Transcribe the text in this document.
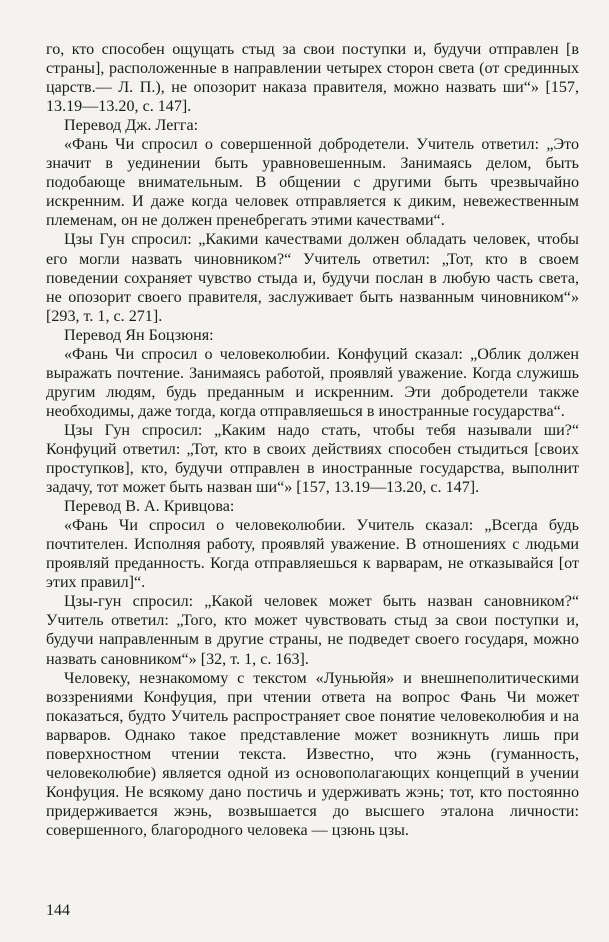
го, кто способен ощущать стыд за свои поступки и, будучи отправлен [в страны], расположенные в направлении четырех сторон света (от срединных царств.— Л. П.), не опозорит наказа правителя, можно назвать ши“» [157, 13.19—13.20, с. 147].

Перевод Дж. Легга:

«Фань Чи спросил о совершенной добродетели. Учитель ответил: „Это значит в уединении быть уравновешенным. Занимаясь делом, быть подобающе внимательным. В общении с другими быть чрезвычайно искренним. И даже когда человек отправляется к диким, невежественным племенам, он не должен пренебрегать этими качествами“.

Цзы Гун спросил: „Какими качествами должен обладать человек, чтобы его могли назвать чиновником?“ Учитель ответил: „Тот, кто в своем поведении сохраняет чувство стыда и, будучи послан в любую часть света, не опозорит своего правителя, заслуживает быть названным чиновником“» [293, т. 1, с. 271].

Перевод Ян Боцзюня:

«Фань Чи спросил о человеколюбии. Конфуций сказал: „Облик должен выражать почтение. Занимаясь работой, проявляй уважение. Когда служишь другим людям, будь преданным и искренним. Эти добродетели также необходимы, даже тогда, когда отправляешься в иностранные государства“.

Цзы Гун спросил: „Каким надо стать, чтобы тебя называли ши?“ Конфуций ответил: „Тот, кто в своих действиях способен стыдиться [своих проступков], кто, будучи отправлен в иностранные государства, выполнит задачу, тот может быть назван ши“» [157, 13.19—13.20, с. 147].

Перевод В. А. Кривцова:

«Фань Чи спросил о человеколюбии. Учитель сказал: „Всегда будь почтителен. Исполняя работу, проявляй уважение. В отношениях с людьми проявляй преданность. Когда отправляешься к варварам, не отказывайся [от этих правил]“.

Цзы-гун спросил: „Какой человек может быть назван сановником?“ Учитель ответил: „Того, кто может чувствовать стыд за свои поступки и, будучи направленным в другие страны, не подведет своего государя, можно назвать сановником“» [32, т. 1, с. 163].

Человеку, незнакомому с текстом «Луньюйя» и внешнеполитическими воззрениями Конфуция, при чтении ответа на вопрос Фань Чи может показаться, будто Учитель распространяет свое понятие человеколюбия и на варваров. Однако такое представление может возникнуть лишь при поверхностном чтении текста. Известно, что жэнь (гуманность, человеколюбие) является одной из основополагающих концепций в учении Конфуция. Не всякому дано постичь и удерживать жэнь; тот, кто постоянно придерживается жэнь, возвышается до высшего эталона личности: совершенного, благородного человека — цзюнь цзы.

144
